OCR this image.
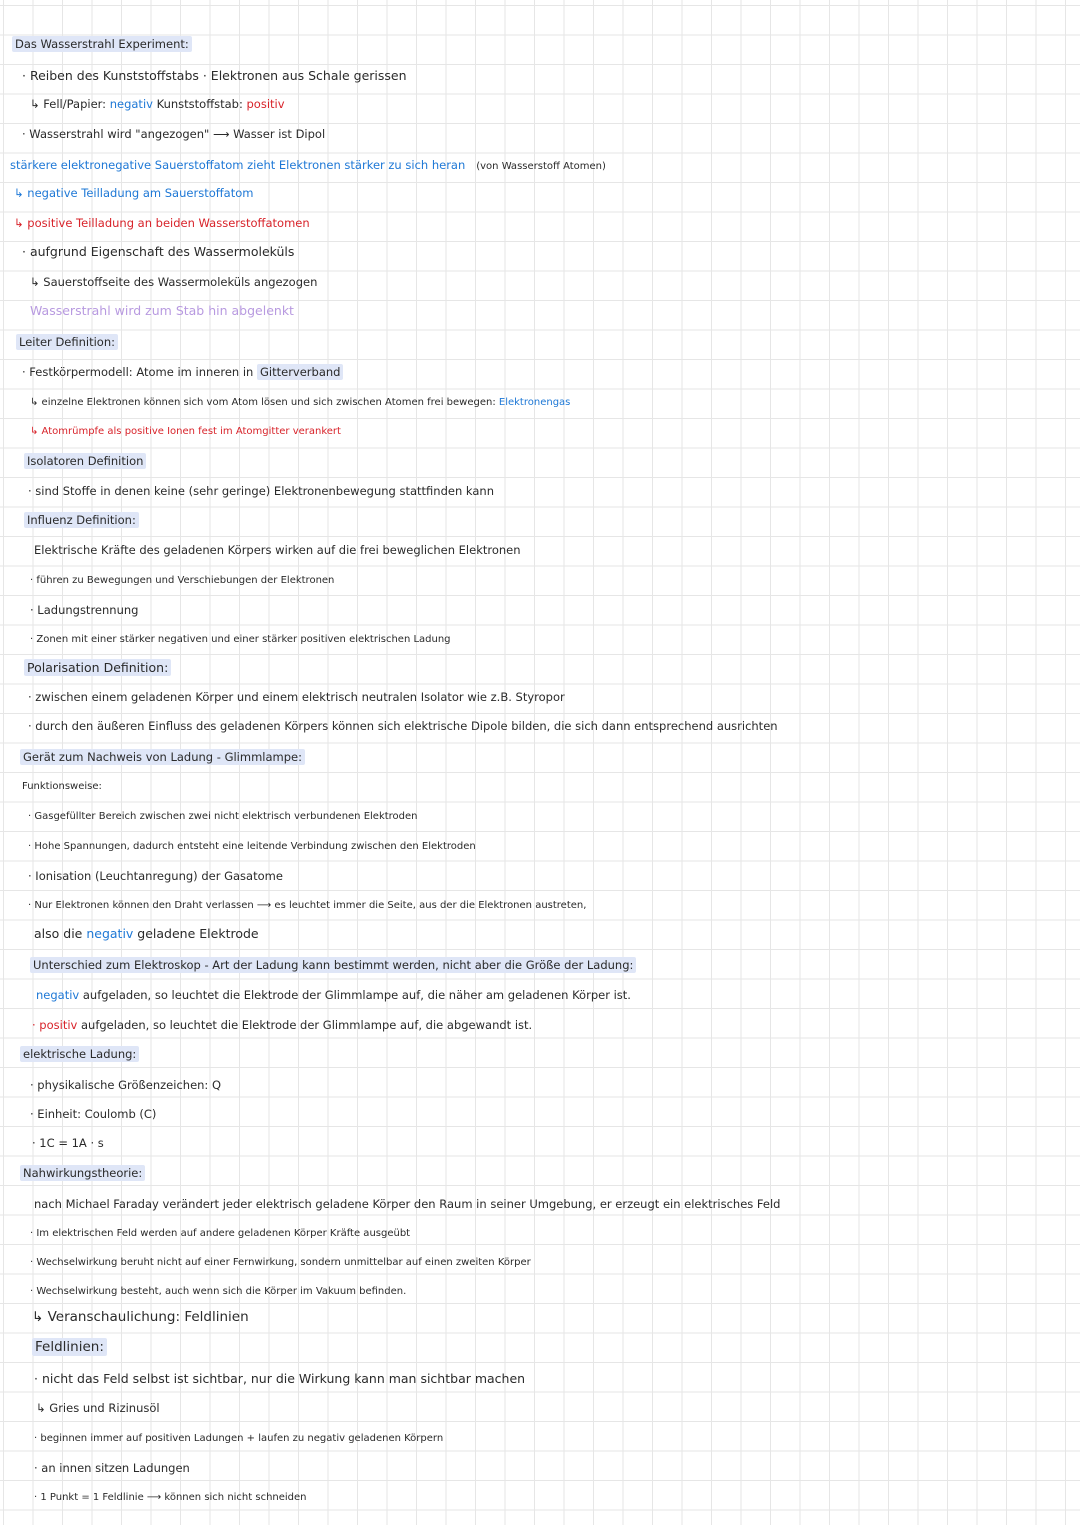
Das Wasserstrahl Experiment:
· Reiben des Kunststoffstabs · Elektronen aus Schale gerissen
↳ Fell/Papier: negativ Kunststoffstab: positiv
· Wasserstrahl wird "angezogen" ⟶ Wasser ist Dipol
stärkere elektronegative Sauerstoffatom zieht Elektronen stärker zu sich heran (von Wasserstoff Atomen)
↳ negative Teilladung am Sauerstoffatom
↳ positive Teilladung an beiden Wasserstoffatomen
· aufgrund Eigenschaft des Wassermoleküls
↳ Sauerstoffseite des Wassermoleküls angezogen
Wasserstrahl wird zum Stab hin abgelenkt
Leiter Definition:
· Festkörpermodell: Atome im inneren in Gitterverband
↳ einzelne Elektronen können sich vom Atom lösen und sich zwischen Atomen frei bewegen: Elektronengas
↳ Atomrümpfe als positive Ionen fest im Atomgitter verankert
Isolatoren Definition
· sind Stoffe in denen keine (sehr geringe) Elektronenbewegung stattfinden kann
Influenz Definition:
Elektrische Kräfte des geladenen Körpers wirken auf die frei beweglichen Elektronen
· führen zu Bewegungen und Verschiebungen der Elektronen
· Ladungstrennung
· Zonen mit einer stärker negativen und einer stärker positiven elektrischen Ladung
Polarisation Definition:
· zwischen einem geladenen Körper und einem elektrisch neutralen Isolator wie z.B. Styropor
· durch den äußeren Einfluss des geladenen Körpers können sich elektrische Dipole bilden, die sich dann entsprechend ausrichten
Gerät zum Nachweis von Ladung - Glimmlampe:
Funktionsweise:
· Gasgefüllter Bereich zwischen zwei nicht elektrisch verbundenen Elektroden
· Hohe Spannungen, dadurch entsteht eine leitende Verbindung zwischen den Elektroden
· Ionisation (Leuchtanregung) der Gasatome
· Nur Elektronen können den Draht verlassen ⟶ es leuchtet immer die Seite, aus der die Elektronen austreten,
also die negativ geladene Elektrode
Unterschied zum Elektroskop - Art der Ladung kann bestimmt werden, nicht aber die Größe der Ladung:
negativ aufgeladen, so leuchtet die Elektrode der Glimmlampe auf, die näher am geladenen Körper ist.
· positiv aufgeladen, so leuchtet die Elektrode der Glimmlampe auf, die abgewandt ist.
elektrische Ladung:
· physikalische Größenzeichen: Q
· Einheit: Coulomb (C)
· 1C = 1A · s
Nahwirkungstheorie:
nach Michael Faraday verändert jeder elektrisch geladene Körper den Raum in seiner Umgebung, er erzeugt ein elektrisches Feld
· Im elektrischen Feld werden auf andere geladenen Körper Kräfte ausgeübt
· Wechselwirkung beruht nicht auf einer Fernwirkung, sondern unmittelbar auf einen zweiten Körper
· Wechselwirkung besteht, auch wenn sich die Körper im Vakuum befinden.
↳ Veranschaulichung: Feldlinien
Feldlinien:
· nicht das Feld selbst ist sichtbar, nur die Wirkung kann man sichtbar machen
↳ Gries und Rizinusöl
· beginnen immer auf positiven Ladungen + laufen zu negativ geladenen Körpern
· an innen sitzen Ladungen
· 1 Punkt = 1 Feldlinie ⟶ können sich nicht schneiden
